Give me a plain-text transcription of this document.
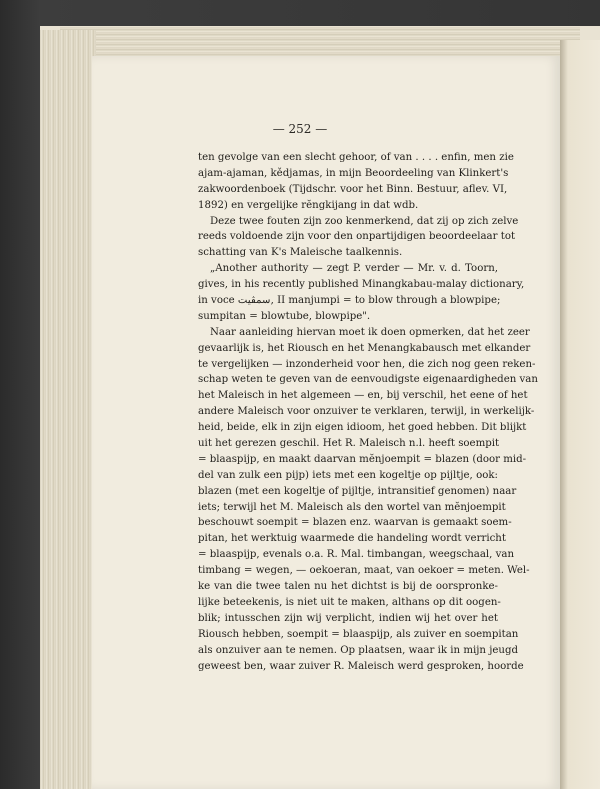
— 252 —
ten gevolge van een slecht gehoor, of van . . . . enfin, men zie
ajam-ajaman, kědjamas, in mijn Beoordeeling van Klinkert's
zakwoordenboek (Tijdschr. voor het Binn. Bestuur, aflev. VI,
1892) en vergelijke rĕngkijang in dat wdb.
Deze twee fouten zijn zoo kenmerkend, dat zij op zich zelve
reeds voldoende zijn voor den onpartijdigen beoordeelaar tot
schatting van K's Maleische taalkennis.
„Another authority — zegt P. verder — Mr. v. d. Toorn,
gives, in his recently published Minangkabau-malay dictionary,
in voce سمڤيت, II manjumpi = to blow through a blowpipe;
sumpitan = blowtube, blowpipe".
Naar aanleiding hiervan moet ik doen opmerken, dat het zeer
gevaarlijk is, het Riousch en het Menangkabausch met elkander
te vergelijken — inzonderheid voor hen, die zich nog geen reken-
schap weten te geven van de eenvoudigste eigenaardigheden van
het Maleisch in het algemeen — en, bij verschil, het eene of het
andere Maleisch voor onzuiver te verklaren, terwijl, in werkelijk-
heid, beide, elk in zijn eigen idioom, het goed hebben. Dit blijkt
uit het gerezen geschil. Het R. Maleisch n.l. heeft soempit
= blaaspijp, en maakt daarvan mĕnjoempit = blazen (door mid-
del van zulk een pijp) iets met een kogeltje op pijltje, ook:
blazen (met een kogeltje of pijltje, intransitief genomen) naar
iets; terwijl het M. Maleisch als den wortel van mĕnjoempit
beschouwt soempit = blazen enz. waarvan is gemaakt soem-
pitan, het werktuig waarmede die handeling wordt verricht
= blaaspijp, evenals o.a. R. Mal. timbangan, weegschaal, van
timbang = wegen, — oekoeran, maat, van oekoer = meten. Wel-
ke van die twee talen nu het dichtst is bij de oorspronke-
lijke beteekenis, is niet uit te maken, althans op dit oogen-
blik; intusschen zijn wij verplicht, indien wij het over het
Riousch hebben, soempit = blaaspijp, als zuiver en soempitan
als onzuiver aan te nemen. Op plaatsen, waar ik in mijn jeugd
geweest ben, waar zuiver R. Maleisch werd gesproken, hoorde
